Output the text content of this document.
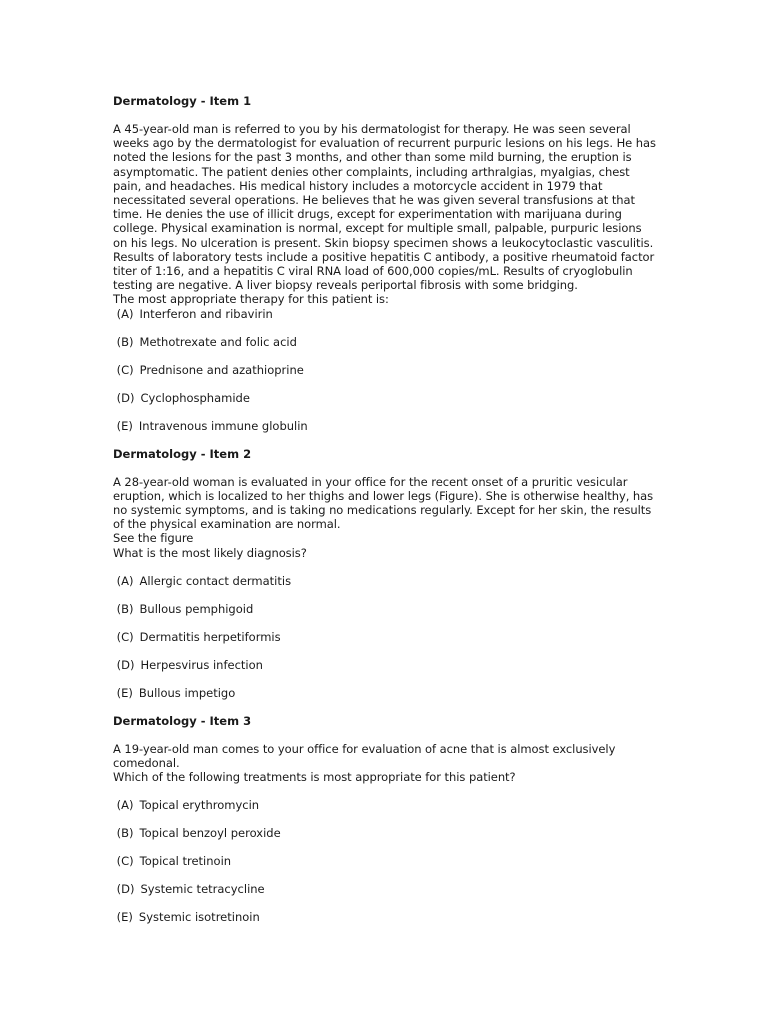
Dermatology - Item 1

A 45-year-old man is referred to you by his dermatologist for therapy. He was seen several
weeks ago by the dermatologist for evaluation of recurrent purpuric lesions on his legs. He has
noted the lesions for the past 3 months, and other than some mild burning, the eruption is
asymptomatic. The patient denies other complaints, including arthralgias, myalgias, chest
pain, and headaches. His medical history includes a motorcycle accident in 1979 that
necessitated several operations. He believes that he was given several transfusions at that
time. He denies the use of illicit drugs, except for experimentation with marijuana during
college. Physical examination is normal, except for multiple small, palpable, purpuric lesions
on his legs. No ulceration is present. Skin biopsy specimen shows a leukocytoclastic vasculitis.
Results of laboratory tests include a positive hepatitis C antibody, a positive rheumatoid factor
titer of 1:16, and a hepatitis C viral RNA load of 600,000 copies/mL. Results of cryoglobulin
testing are negative. A liver biopsy reveals periportal fibrosis with some bridging.
The most appropriate therapy for this patient is:
(A) Interferon and ribavirin
(B) Methotrexate and folic acid
(C) Prednisone and azathioprine
(D) Cyclophosphamide
(E) Intravenous immune globulin

Dermatology - Item 2

A 28-year-old woman is evaluated in your office for the recent onset of a pruritic vesicular
eruption, which is localized to her thighs and lower legs (Figure). She is otherwise healthy, has
no systemic symptoms, and is taking no medications regularly. Except for her skin, the results
of the physical examination are normal.
See the figure
What is the most likely diagnosis?
(A) Allergic contact dermatitis
(B) Bullous pemphigoid
(C) Dermatitis herpetiformis
(D) Herpesvirus infection
(E) Bullous impetigo

Dermatology - Item 3

A 19-year-old man comes to your office for evaluation of acne that is almost exclusively
comedonal.
Which of the following treatments is most appropriate for this patient?
(A) Topical erythromycin
(B) Topical benzoyl peroxide
(C) Topical tretinoin
(D) Systemic tetracycline
(E) Systemic isotretinoin
